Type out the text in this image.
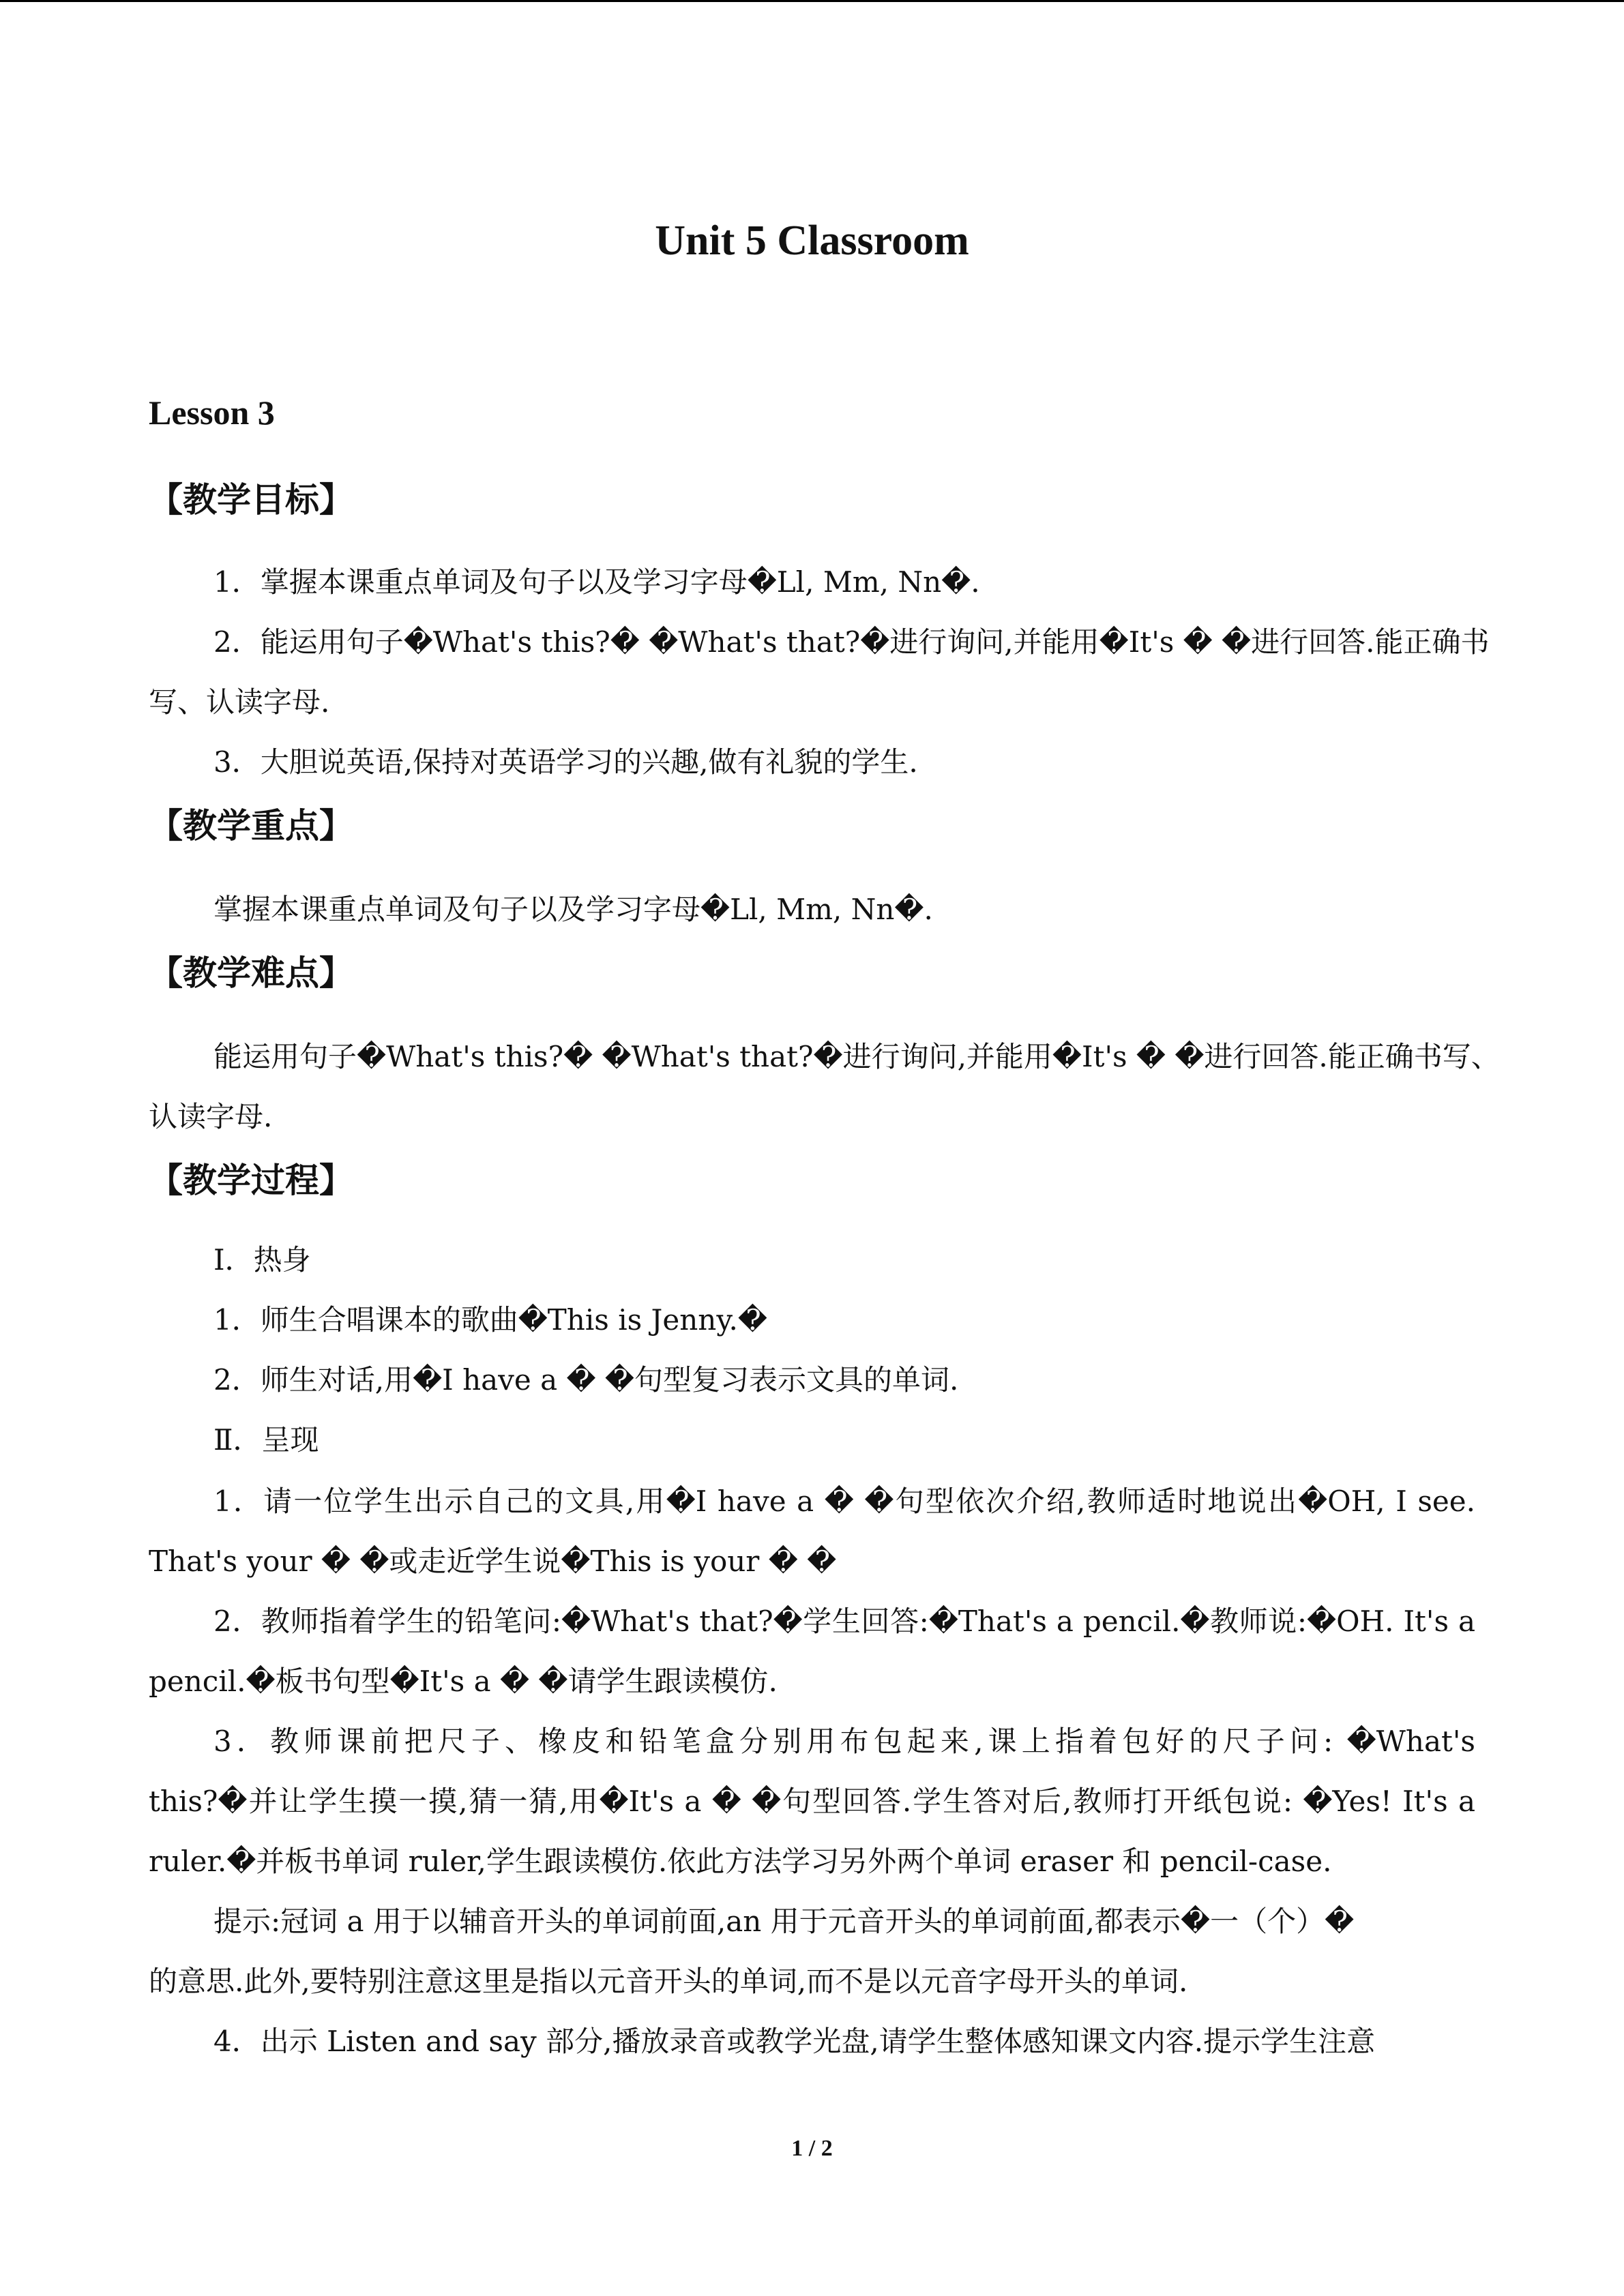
Unit 5 Classroom
Lesson 3
【教学目标】
1．掌握本课重点单词及句子以及学习字母�Ll, Mm, Nn�.
2．能运用句子�What's this?� �What's that?�进行询问,并能用�It's � �进行回答.能正确书
写、认读字母.
3．大胆说英语,保持对英语学习的兴趣,做有礼貌的学生.
【教学重点】
掌握本课重点单词及句子以及学习字母�Ll, Mm, Nn�.
【教学难点】
能运用句子�What's this?� �What's that?�进行询问,并能用�It's � �进行回答.能正确书写、
认读字母.
【教学过程】
Ⅰ．热身
1．师生合唱课本的歌曲�This is Jenny.�
2．师生对话,用�I have a � �句型复习表示文具的单词.
Ⅱ．呈现
1．请一位学生出示自己的文具,用�I have a � �句型依次介绍,教师适时地说出�OH, I see.
That's your � �或走近学生说�This is your � �
2．教师指着学生的铅笔问:�What's that?�学生回答:�That's a pencil.�教师说:�OH. It's a
pencil.�板书句型�It's a � �请学生跟读模仿.
3．教师课前把尺子、橡皮和铅笔盒分别用布包起来,课上指着包好的尺子问: �What's
this?�并让学生摸一摸,猜一猜,用�It's a � �句型回答.学生答对后,教师打开纸包说: �Yes! It's a
ruler.�并板书单词 ruler,学生跟读模仿.依此方法学习另外两个单词 eraser 和 pencil-case.
提示:冠词 a 用于以辅音开头的单词前面,an 用于元音开头的单词前面,都表示�一（个）�
的意思.此外,要特别注意这里是指以元音开头的单词,而不是以元音字母开头的单词.
4．出示 Listen and say 部分,播放录音或教学光盘,请学生整体感知课文内容.提示学生注意
1 / 2
